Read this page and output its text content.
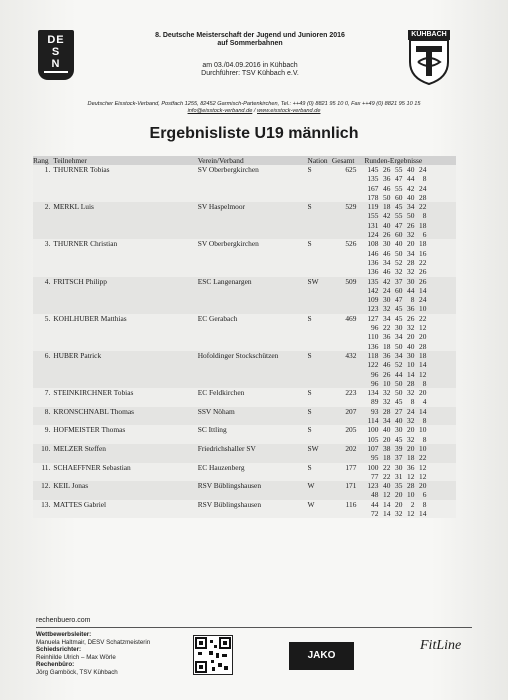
DE
S
N
8. Deutsche Meisterschaft der Jugend und Junioren 2016
auf Sommerbahnen
am 03./04.09.2016 in Kühbach
Durchführer: TSV Kühbach e.V.
KÜHBACH
Deutscher Eisstock-Verband, Postfach 1255, 82452 Garmisch-Partenkirchen, Tel.: ++49 (0) 8821 95 10 0, Fax ++49 (0) 8821 95 10 15
info@eisstock-verband.de / www.eisstock-verband.de
Ergebnisliste U19 männlich
Rang	Teilnehmer	Verein/Verband	Nation	Gesamt	Runden-Ergebnisse
1.	THURNER Tobias	SV Oberbergkirchen	S	625	145 26 55 40 24
					135 36 47 44 8
					167 46 55 42 24
					178 50 60 40 28
2.	MERKL Luis	SV Haspelmoor	S	529	119 18 45 34 22
					155 42 55 50 8
					131 40 47 26 18
					124 26 60 32 6
3.	THURNER Christian	SV Oberbergkirchen	S	526	108 30 40 20 18
					146 46 50 34 16
					136 34 52 28 22
					136 46 32 32 26
4.	FRITSCH Philipp	ESC Langenargen	SW	509	135 42 37 30 26
					142 24 60 44 14
					109 30 47 8 24
					123 32 45 36 10
5.	KOHLHUBER Matthias	EC Gerabach	S	469	127 34 45 26 22
					96 22 30 32 12
					110 36 34 20 20
					136 18 50 40 28
6.	HUBER Patrick	Hofoldinger Stockschützen	S	432	118 36 34 30 18
					122 46 52 10 14
					96 26 44 14 12
					96 10 50 28 8
7.	STEINKIRCHNER Tobias	EC Feldkirchen	S	223	134 32 50 32 20
					89 32 45 8 4
8.	KRONSCHNABL Thomas	SSV Nöham	S	207	93 28 27 24 14
					114 34 40 32 8
9.	HOFMEISTER Thomas	SC Ittling	S	205	100 40 30 20 10
					105 20 45 32 8
10.	MELZER Steffen	Friedrichshaller SV	SW	202	107 38 39 20 10
					95 18 37 18 22
11.	SCHAEFFNER Sebastian	EC Hauzenberg	S	177	100 22 30 36 12
					77 22 31 12 12
12.	KEIL Jonas	RSV Büblingshausen	W	171	123 40 35 28 20
					48 12 20 10 6
13.	MATTES Gabriel	RSV Büblingshausen	W	116	44 14 20 2 8
					72 14 32 12 14
rechenbuero.com
Wettbewerbsleiter:
Manuela Haltmair, DESV Schatzmeisterin
Schiedsrichter:
Reinhilde Ulrich – Max Wörle
Rechenbüro:
Jörg Gamböck, TSV Kühbach
JAKO
FitLine
